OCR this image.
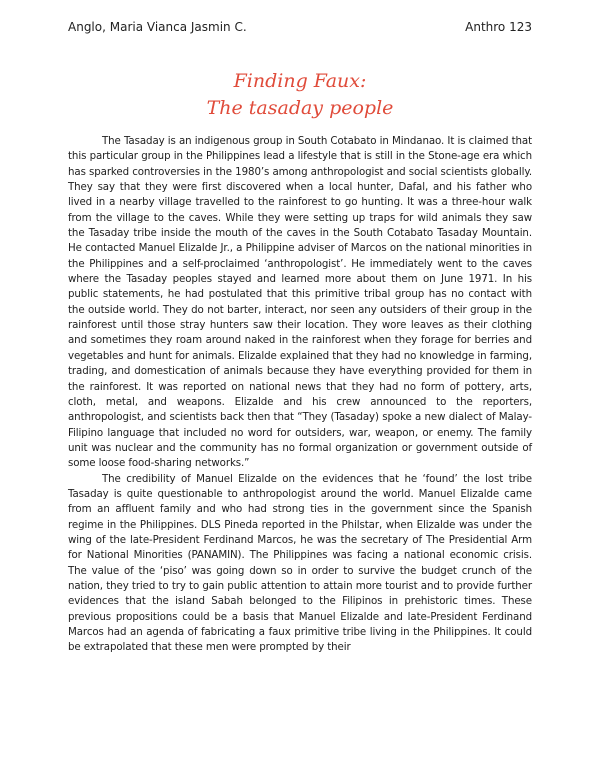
Anglo, Maria Vianca Jasmin C.	Anthro 123
Finding Faux:
The tasaday people

The Tasaday is an indigenous group in South Cotabato in Mindanao. It is claimed that this particular group in the Philippines lead a lifestyle that is still in the Stone-age era which has sparked controversies in the 1980’s among anthropologist and social scientists globally. They say that they were first discovered when a local hunter, Dafal, and his father who lived in a nearby village travelled to the rainforest to go hunting. It was a three-hour walk from the village to the caves. While they were setting up traps for wild animals they saw the Tasaday tribe inside the mouth of the caves in the South Cotabato Tasaday Mountain. He contacted Manuel Elizalde Jr., a Philippine adviser of Marcos on the national minorities in the Philippines and a self-proclaimed ‘anthropologist’. He immediately went to the caves where the Tasaday peoples stayed and learned more about them on June 1971. In his public statements, he had postulated that this primitive tribal group has no contact with the outside world. They do not barter, interact, nor seen any outsiders of their group in the rainforest until those stray hunters saw their location. They wore leaves as their clothing and sometimes they roam around naked in the rainforest when they forage for berries and vegetables and hunt for animals. Elizalde explained that they had no knowledge in farming, trading, and domestication of animals because they have everything provided for them in the rainforest. It was reported on national news that they had no form of pottery, arts, cloth, metal, and weapons. Elizalde and his crew announced to the reporters, anthropologist, and scientists back then that “They (Tasaday) spoke a new dialect of Malay-Filipino language that included no word for outsiders, war, weapon, or enemy. The family unit was nuclear and the community has no formal organization or government outside of some loose food-sharing networks.”

The credibility of Manuel Elizalde on the evidences that he ‘found’ the lost tribe Tasaday is quite questionable to anthropologist around the world. Manuel Elizalde came from an affluent family and who had strong ties in the government since the Spanish regime in the Philippines. DLS Pineda reported in the Philstar, when Elizalde was under the wing of the late-President Ferdinand Marcos, he was the secretary of The Presidential Arm for National Minorities (PANAMIN). The Philippines was facing a national economic crisis. The value of the ‘piso’ was going down so in order to survive the budget crunch of the nation, they tried to try to gain public attention to attain more tourist and to provide further evidences that the island Sabah belonged to the Filipinos in prehistoric times. These previous propositions could be a basis that Manuel Elizalde and late-President Ferdinand Marcos had an agenda of fabricating a faux primitive tribe living in the Philippines. It could be extrapolated that these men were prompted by their
